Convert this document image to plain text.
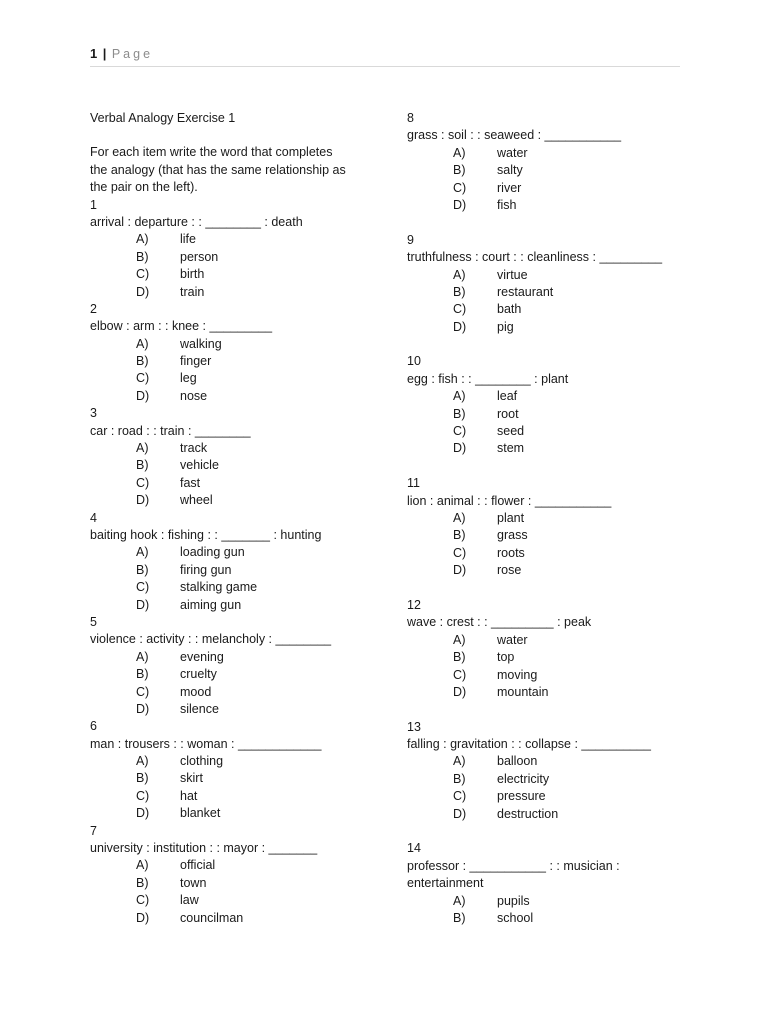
1 | Page
Verbal Analogy Exercise 1
For each item write the word that completes
the analogy (that has the same relationship as
the pair on the left).
1
arrival : departure : : ________ : death
A)	life
B)	person
C) birth
D) train
2
elbow : arm : : knee : _________
A)	walking
B)	finger
C) leg
D) nose
3
car : road : : train : ________
A)	track
B)	vehicle
C) fast
D) wheel
4
baiting hook : fishing : : _______ : hunting
A)	loading gun
B)	firing gun
C) stalking game
D) aiming gun
5
violence : activity : : melancholy : ________
A)	evening
B)	cruelty
C) mood
D) silence
6
man : trousers : : woman : ____________
A)	clothing
B)	skirt
C) hat
D) blanket
7
university : institution : : mayor : _______
A)	official
B)	town
C) law
D) councilman
8
grass : soil : : seaweed : ___________
A)	water
B)	salty
C) river
D) fish
9
truthfulness : court : : cleanliness : _________
A)	virtue
B)	restaurant
C) bath
D) pig
10
egg : fish : : ________ : plant
A)	leaf
B)	root
C) seed
D) stem
11
lion : animal : : flower : ___________
A)	plant
B)	grass
C) roots
D) rose
12
wave : crest : : _________ : peak
A)	water
B)	top
C) moving
D) mountain
13
falling : gravitation : : collapse : __________
A)	balloon
B)	electricity
C) pressure
D) destruction
14
professor : ___________ : : musician :
entertainment
A)	pupils
B)	school
